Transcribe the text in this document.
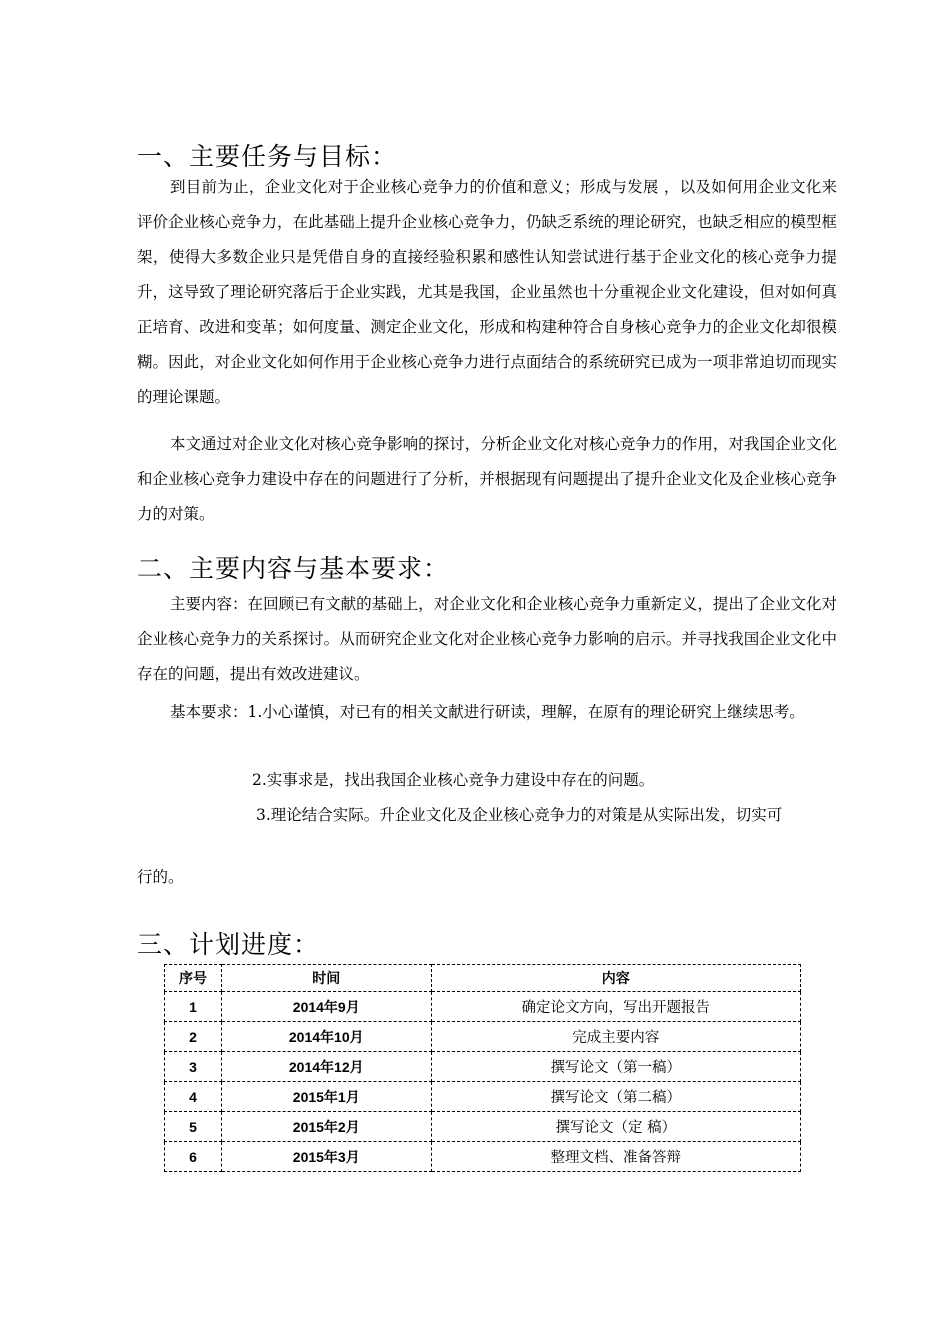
一、主要任务与目标：

到目前为止，企业文化对于企业核心竞争力的价值和意义；形成与发展 ，以及如何用企业文化来评价企业核心竞争力，在此基础上提升企业核心竞争力，仍缺乏系统的理论研究，也缺乏相应的模型框架，使得大多数企业只是凭借自身的直接经验积累和感性认知尝试进行基于企业文化的核心竞争力提升，这导致了理论研究落后于企业实践，尤其是我国，企业虽然也十分重视企业文化建设，但对如何真正培育、改进和变革；如何度量、测定企业文化，形成和构建种符合自身核心竞争力的企业文化却很模糊。因此，对企业文化如何作用于企业核心竞争力进行点面结合的系统研究已成为一项非常迫切而现实的理论课题。

本文通过对企业文化对核心竞争影响的探讨，分析企业文化对核心竞争力的作用，对我国企业文化和企业核心竞争力建设中存在的问题进行了分析，并根据现有问题提出了提升企业文化及企业核心竞争力的对策。

二、主要内容与基本要求：

主要内容：在回顾已有文献的基础上，对企业文化和企业核心竞争力重新定义，提出了企业文化对企业核心竞争力的关系探讨。从而研究企业文化对企业核心竞争力影响的启示。并寻找我国企业文化中存在的问题，提出有效改进建议。

基本要求：1.小心谨慎，对已有的相关文献进行研读，理解，在原有的理论研究上继续思考。

2.实事求是，找出我国企业核心竞争力建设中存在的问题。

3.理论结合实际。升企业文化及企业核心竞争力的对策是从实际出发，切实可

行的。

三、计划进度：
序号	时间	内容
1	2014年9月	确定论文方向，写出开题报告
2	2014年10月	完成主要内容
3	2014年12月	撰写论文（第一稿）
4	2015年1月	撰写论文（第二稿）
5	2015年2月	撰写论文（定 稿）
6	2015年3月	整理文档、准备答辩
